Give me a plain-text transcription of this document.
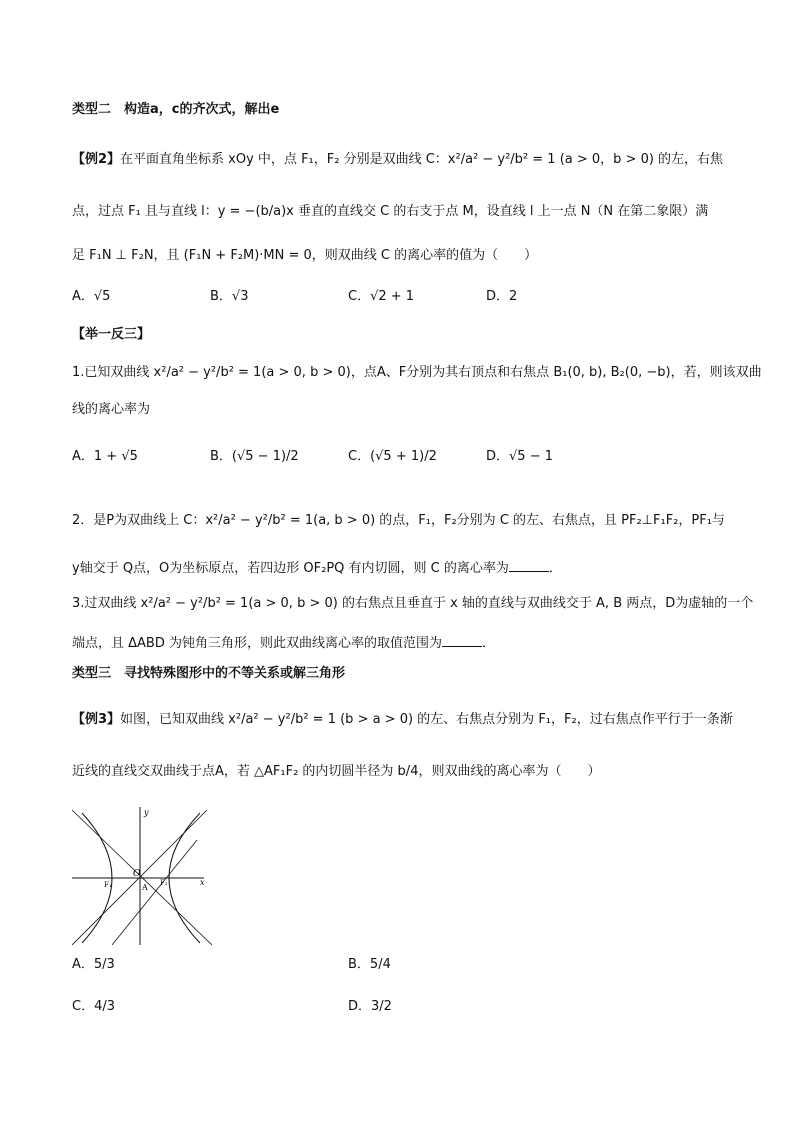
类型二　构造a，c的齐次式，解出e
【例2】在平面直角坐标系 xOy 中，点 F₁，F₂ 分别是双曲线 C：x²/a² − y²/b² = 1 (a > 0，b > 0) 的左，右焦
点，过点 F₁ 且与直线 l：y = −(b/a)x 垂直的直线交 C 的右支于点 M，设直线 l 上一点 N（N 在第二象限）满
足 F₁N ⊥ F₂N，且 (F₁N + F₂M)·MN = 0，则双曲线 C 的离心率的值为（　　）
A．√5	B．√3	C．√2 + 1	D．2
【举一反三】
1.已知双曲线 x²/a² − y²/b² = 1(a > 0, b > 0)，点A、F分别为其右顶点和右焦点 B₁(0, b), B₂(0, −b)，若，则该双曲
线的离心率为
A．1 + √5	B．(√5 − 1)/2	C．(√5 + 1)/2	D．√5 − 1
2．是P为双曲线上 C：x²/a² − y²/b² = 1(a, b > 0) 的点，F₁，F₂分别为 C 的左、右焦点，且 PF₂⊥F₁F₂，PF₁与
y轴交于 Q点，O为坐标原点，若四边形 OF₂PQ 有内切圆，则 C 的离心率为	．
3.过双曲线 x²/a² − y²/b² = 1(a > 0, b > 0) 的右焦点且垂直于 x 轴的直线与双曲线交于 A, B 两点，D为虚轴的一个
端点，且 ΔABD 为钝角三角形，则此双曲线离心率的取值范围为	．
类型三　寻找特殊图形中的不等关系或解三角形
【例3】如图，已知双曲线 x²/a² − y²/b² = 1 (b > a > 0) 的左、右焦点分别为 F₁，F₂，过右焦点作平行于一条渐
近线的直线交双曲线于点A，若 △AF₁F₂ 的内切圆半径为 b/4，则双曲线的离心率为（　　）
y
x
O
A
F₁	F₂
A．5/3	B．5/4
C．4/3	D．3/2
